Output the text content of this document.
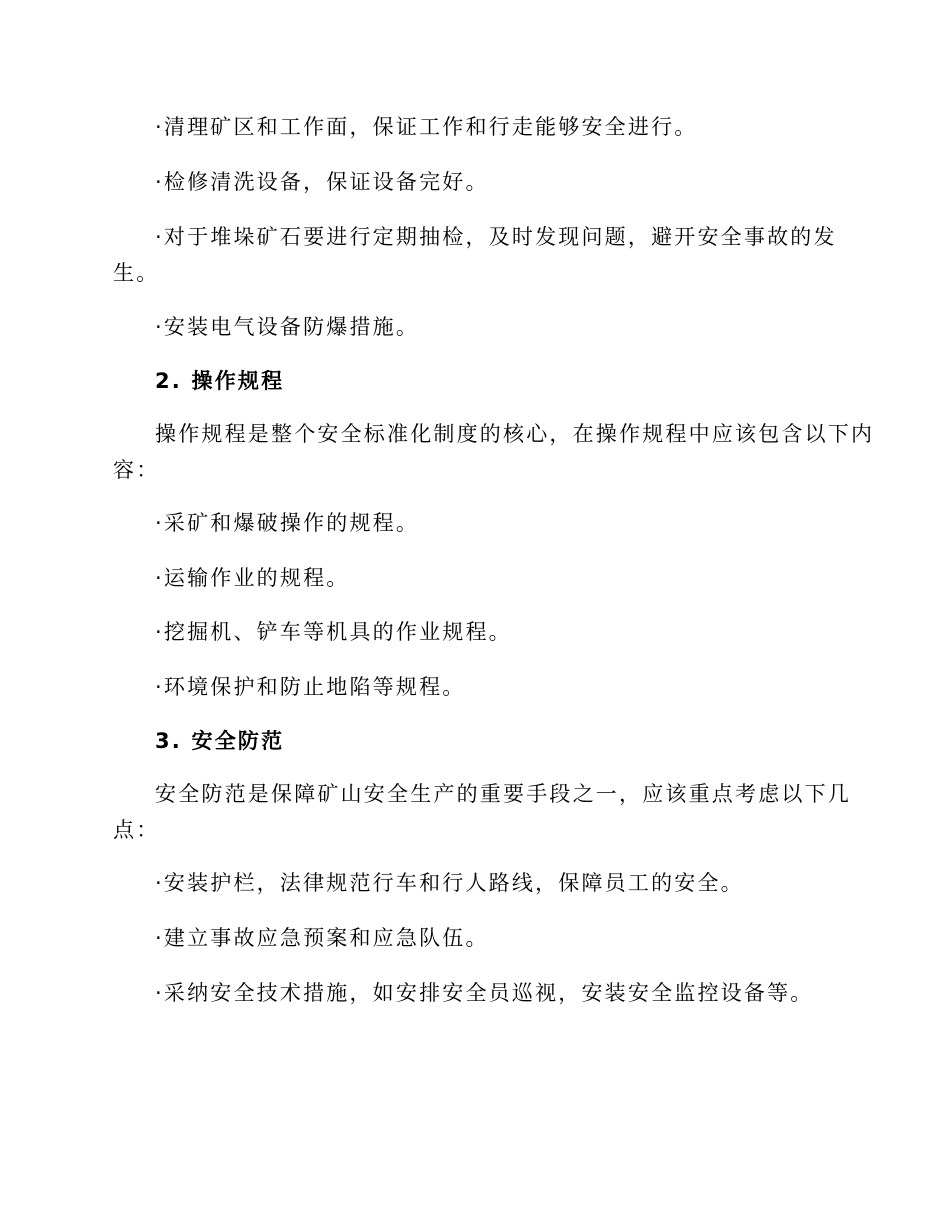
·清理矿区和工作面，保证工作和行走能够安全进行。
·检修清洗设备，保证设备完好。
·对于堆垛矿石要进行定期抽检，及时发现问题，避开安全事故的发
生。
·安装电气设备防爆措施。
2. 操作规程
操作规程是整个安全标准化制度的核心，在操作规程中应该包含以下内
容：
·采矿和爆破操作的规程。
·运输作业的规程。
·挖掘机、铲车等机具的作业规程。
·环境保护和防止地陷等规程。
3. 安全防范
安全防范是保障矿山安全生产的重要手段之一，应该重点考虑以下几
点：
·安装护栏，法律规范行车和行人路线，保障员工的安全。
·建立事故应急预案和应急队伍。
·采纳安全技术措施，如安排安全员巡视，安装安全监控设备等。
